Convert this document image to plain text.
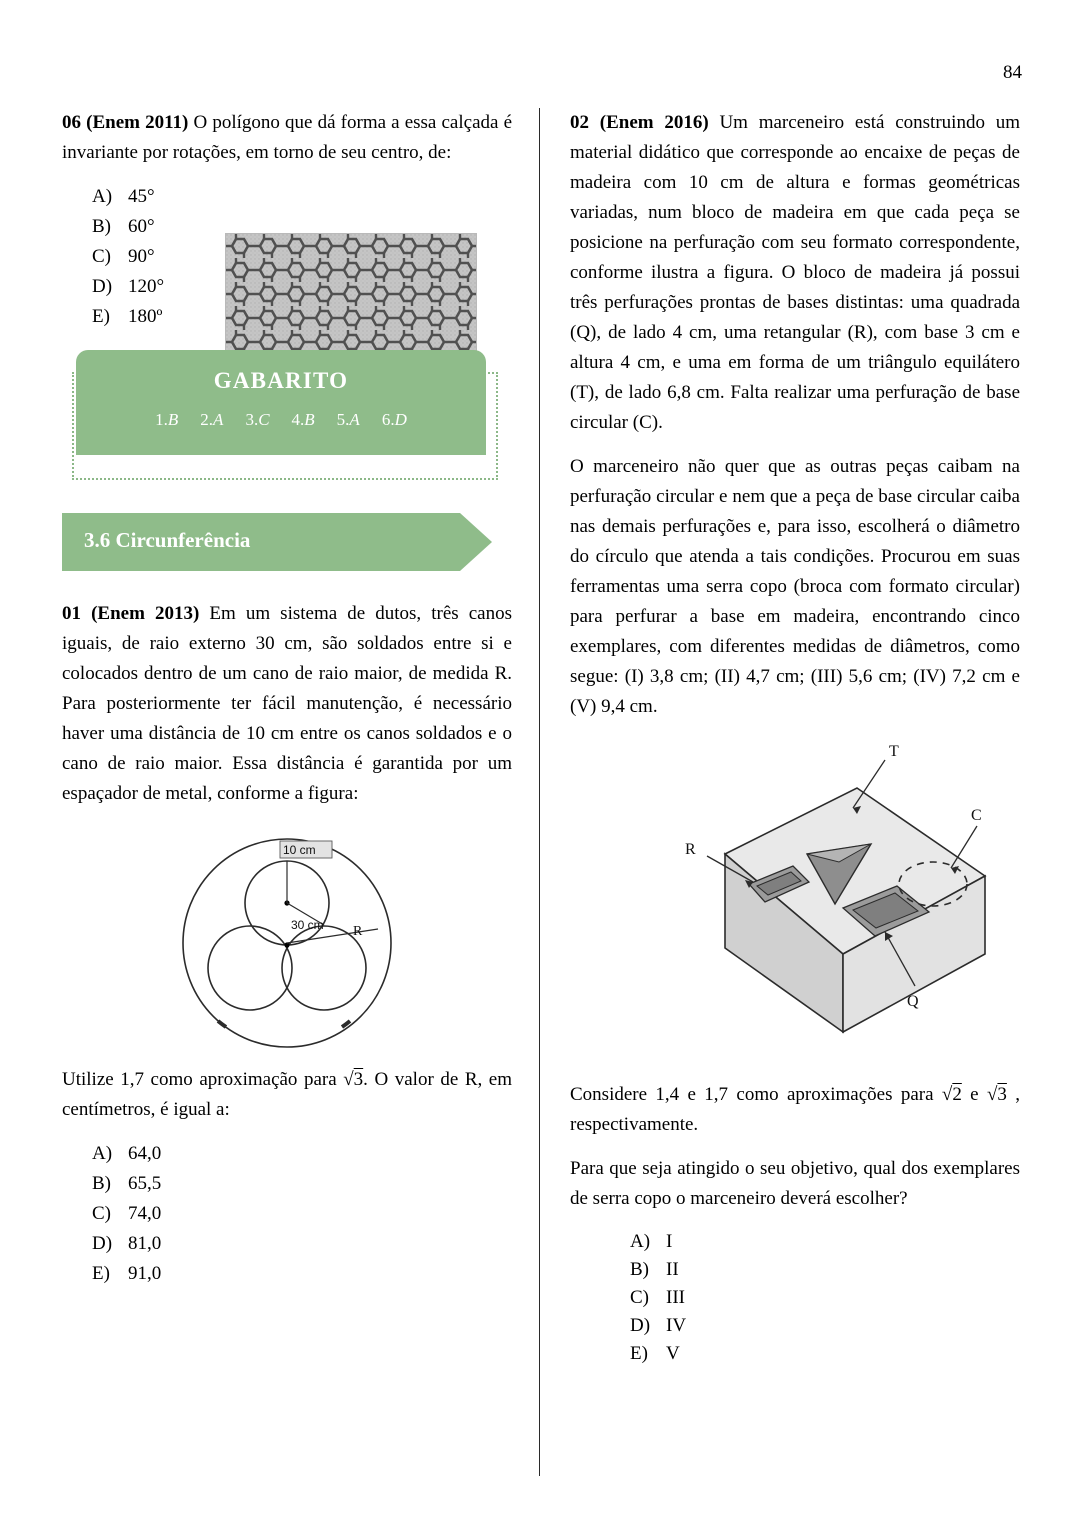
84

06 (Enem 2011) O polígono que dá forma a essa calçada é invariante por rotações, em torno de seu centro, de:

A) 45°
B) 60°
C) 90°
D) 120°
E) 180º
GABARITO
1.B 2.A 3.C 4.B 5.A 6.D
3.6 Circunferência

01 (Enem 2013) Em um sistema de dutos, três canos iguais, de raio externo 30 cm, são soldados entre si e colocados dentro de um cano de raio maior, de medida R. Para posteriormente ter fácil manutenção, é necessário haver uma distância de 10 cm entre os canos soldados e o cano de raio maior. Essa distância é garantida por um espaçador de metal, conforme a figura:

10 cm
30 cm R

Utilize 1,7 como aproximação para √3. O valor de R, em centímetros, é igual a:

A) 64,0
B) 65,5
C) 74,0
D) 81,0
E) 91,0

02 (Enem 2016) Um marceneiro está construindo um material didático que corresponde ao encaixe de peças de madeira com 10 cm de altura e formas geométricas variadas, num bloco de madeira em que cada peça se posicione na perfuração com seu formato correspondente, conforme ilustra a figura. O bloco de madeira já possui três perfurações prontas de bases distintas: uma quadrada (Q), de lado 4 cm, uma retangular (R), com base 3 cm e altura 4 cm, e uma em forma de um triângulo equilátero (T), de lado 6,8 cm. Falta realizar uma perfuração de base circular (C).

O marceneiro não quer que as outras peças caibam na perfuração circular e nem que a peça de base circular caiba nas demais perfurações e, para isso, escolherá o diâmetro do círculo que atenda a tais condições. Procurou em suas ferramentas uma serra copo (broca com formato circular) para perfurar a base em madeira, encontrando cinco exemplares, com diferentes medidas de diâmetros, como segue: (I) 3,8 cm; (II) 4,7 cm; (III) 5,6 cm; (IV) 7,2 cm e (V) 9,4 cm.

T
R
C
Q

Considere 1,4 e 1,7 como aproximações para √2 e √3 , respectivamente.

Para que seja atingido o seu objetivo, qual dos exemplares de serra copo o marceneiro deverá escolher?

A) I
B) II
C) III
D) IV
E) V
